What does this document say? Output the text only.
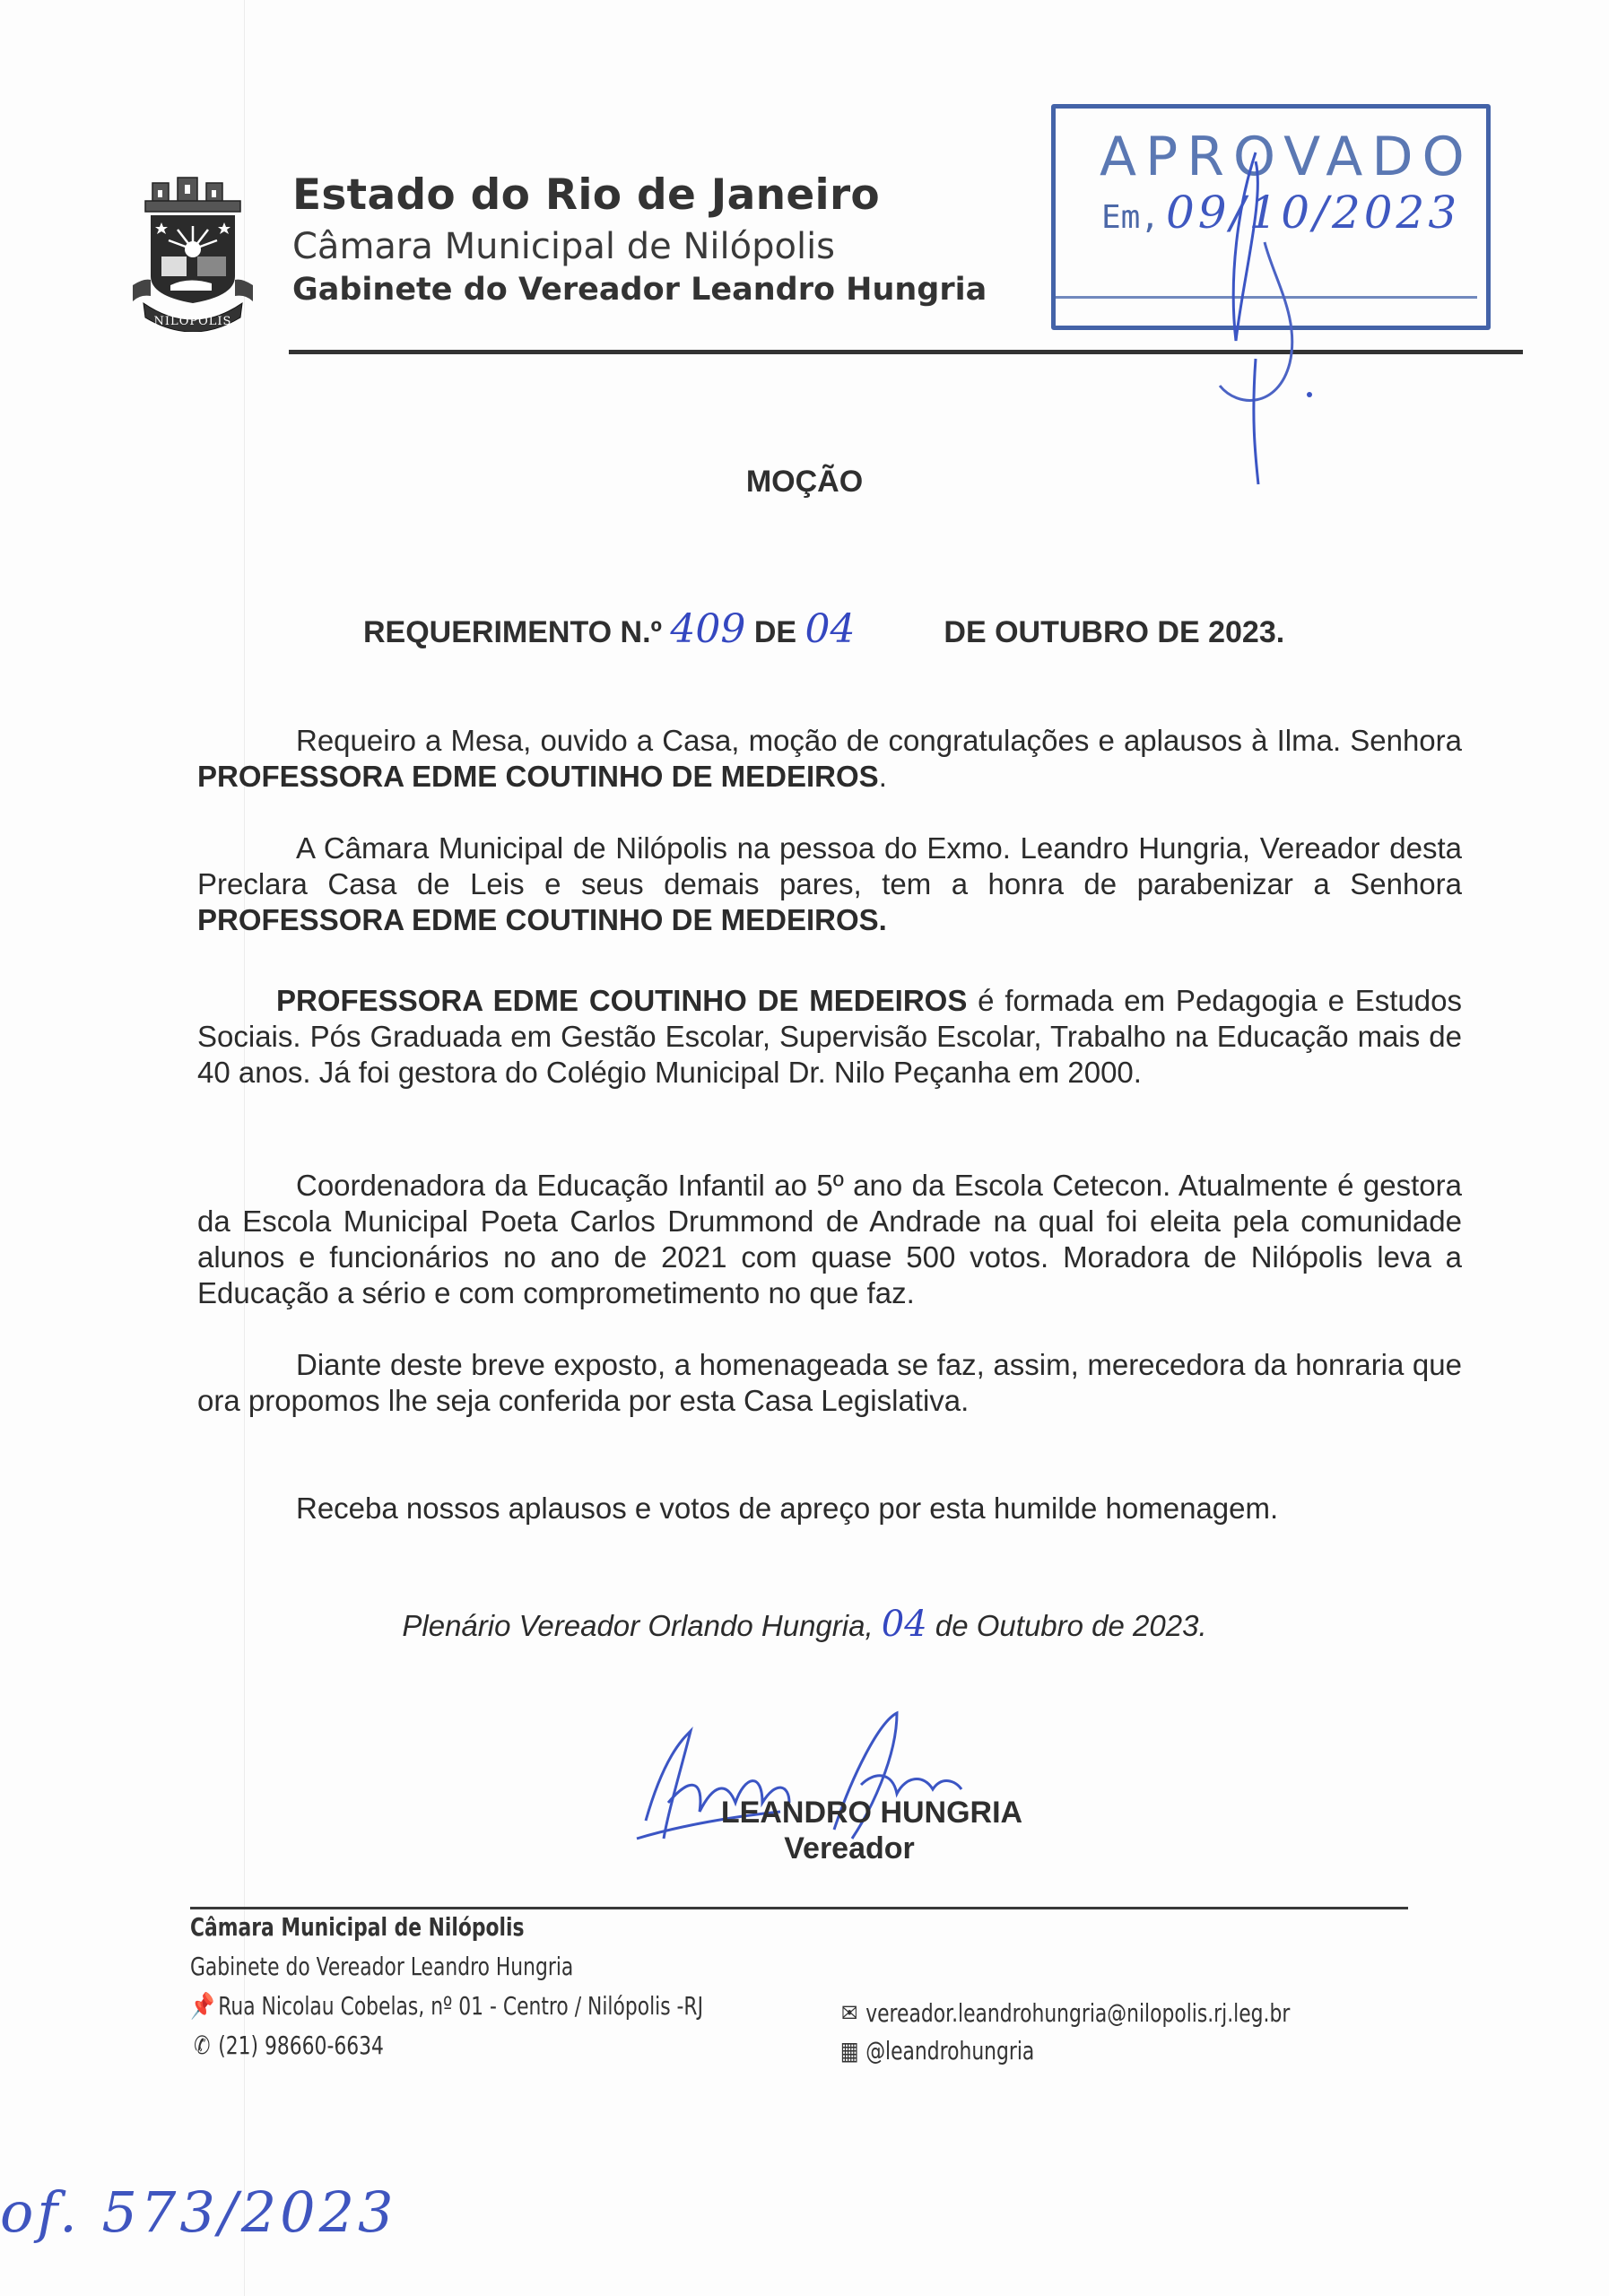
NILÓPOLIS
Estado do Rio de Janeiro
Câmara Municipal de Nilópolis
Gabinete do Vereador Leandro Hungria
APROVADO
Em, 09/10/2023
MOÇÃO
REQUERIMENTO N.º 409 DE 04	DE OUTUBRO DE 2023.
Requeiro a Mesa, ouvido a Casa, moção de congratulações e aplausos à Ilma. Senhora PROFESSORA EDME COUTINHO DE MEDEIROS.
A Câmara Municipal de Nilópolis na pessoa do Exmo. Leandro Hungria, Vereador desta Preclara Casa de Leis e seus demais pares, tem a honra de parabenizar a Senhora PROFESSORA EDME COUTINHO DE MEDEIROS.
PROFESSORA EDME COUTINHO DE MEDEIROS é formada em Pedagogia e Estudos Sociais. Pós Graduada em Gestão Escolar, Supervisão Escolar, Trabalho na Educação mais de 40 anos. Já foi gestora do Colégio Municipal Dr. Nilo Peçanha em 2000.
Coordenadora da Educação Infantil ao 5º ano da Escola Cetecon. Atualmente é gestora da Escola Municipal Poeta Carlos Drummond de Andrade na qual foi eleita pela comunidade alunos e funcionários no ano de 2021 com quase 500 votos. Moradora de Nilópolis leva a Educação a sério e com comprometimento no que faz.
Diante deste breve exposto, a homenageada se faz, assim, merecedora da honraria que ora propomos lhe seja conferida por esta Casa Legislativa.
Receba nossos aplausos e votos de apreço por esta humilde homenagem.
Plenário Vereador Orlando Hungria, 04 de Outubro de 2023.
LEANDRO HUNGRIA
Vereador
Câmara Municipal de Nilópolis
Gabinete do Vereador Leandro Hungria
📌 Rua Nicolau Cobelas, nº 01 - Centro / Nilópolis -RJ
✆ (21) 98660-6634
✉ vereador.leandrohungria@nilopolis.rj.leg.br
▦ @leandrohungria
of. 573/2023
